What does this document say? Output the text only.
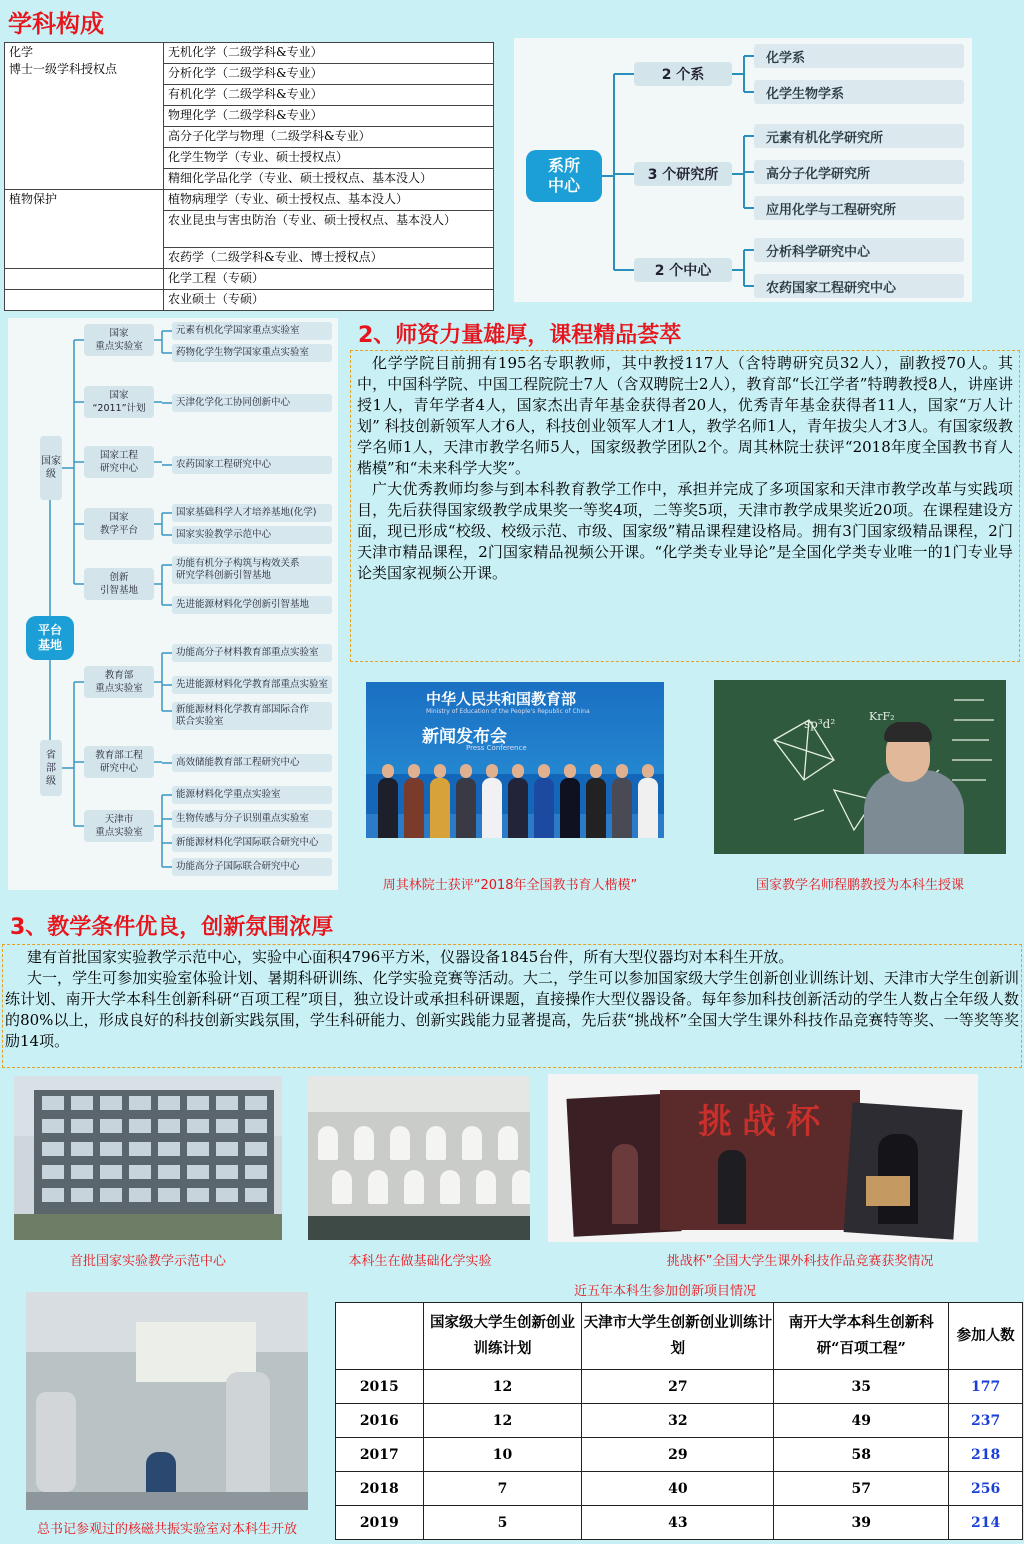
学科构成
化学
博士一级学科授权点	无机化学（二级学科&专业）
	分析化学（二级学科&专业）
	有机化学（二级学科&专业）
	物理化学（二级学科&专业）
	高分子化学与物理（二级学科&专业）
	化学生物学（专业、硕士授权点）
	精细化学品化学（专业、硕士授权点、基本没人）
植物保护	植物病理学（专业、硕士授权点、基本没人）
	农业昆虫与害虫防治（专业、硕士授权点、基本没人）
	农药学（二级学科&专业、博士授权点）
	化学工程（专硕）
	农业硕士（专硕）
系所
中心
2 个系
化学系
化学生物学系
3 个研究所
元素有机化学研究所
高分子化学研究所
应用化学与工程研究所
2 个中心
分析科学研究中心
农药国家工程研究中心
平台
基地
国家
级
国家
重点实验室
元素有机化学国家重点实验室
药物化学生物学国家重点实验室
国家
“2011”计划
天津化学化工协同创新中心
国家工程
研究中心	农药国家工程研究中心
国家
教学平台
国家基础科学人才培养基地(化学)
国家实验教学示范中心
创新
引智基地
功能有机分子构筑与构效关系
研究学科创新引智基地
先进能源材料化学创新引智基地
省
部
级
教育部
重点实验室
功能高分子材料教育部重点实验室
先进能源材料化学教育部重点实验室
新能源材料化学教育部国际合作
联合实验室
教育部工程
研究中心
高效储能教育部工程研究中心
天津市
重点实验室
能源材料化学重点实验室
生物传感与分子识别重点实验室
新能源材料化学国际联合研究中心
功能高分子国际联合研究中心
2、师资力量雄厚，课程精品荟萃
化学学院目前拥有195名专职教师，其中教授117人（含特聘研究员32人），副教授70人。其中，中国科学院、中国工程院院士7人（含双聘院士2人），教育部“长江学者”特聘教授8人，讲座讲授1人，青年学者4人，国家杰出青年基金获得者20人，优秀青年基金获得者11人，国家“万人计划” 科技创新领军人才6人，科技创业领军人才1人，教学名师1人，青年拔尖人才3人。有国家级教学名师1人，天津市教学名师5人，国家级教学团队2个。周其林院士获评“2018年度全国教书育人楷模”和“未来科学大奖”。
广大优秀教师均参与到本科教育教学工作中，承担并完成了多项国家和天津市教学改革与实践项目，先后获得国家级教学成果奖一等奖4项，二等奖5项，天津市教学成果奖近20项。在课程建设方面，现已形成“校级、校级示范、市级、国家级”精品课程建设格局。拥有3门国家级精品课程，2门天津市精品课程，2门国家精品视频公开课。“化学类专业导论”是全国化学类专业唯一的1门专业导论类国家视频公开课。
中华人民共和国教育部
Ministry of Education of the People's Republic of China
新闻发布会
Press Conference
周其林院士获评“2018年全国教书育人楷模”
sp³d²
KrF₂
国家教学名师程鹏教授为本科生授课
3、教学条件优良，创新氛围浓厚
建有首批国家实验教学示范中心，实验中心面积4796平方米，仪器设备1845台件，所有大型仪器均对本科生开放。
大一，学生可参加实验室体验计划、暑期科研训练、化学实验竞赛等活动。大二，学生可以参加国家级大学生创新创业训练计划、天津市大学生创新训练计划、南开大学本科生创新科研“百项工程”项目，独立设计或承担科研课题，直接操作大型仪器设备。每年参加科技创新活动的学生人数占全年级人数的80%以上，形成良好的科技创新实践氛围，学生科研能力、创新实践能力显著提高，先后获“挑战杯”全国大学生课外科技作品竞赛特等奖、一等奖等奖励14项。
首批国家实验教学示范中心	本科生在做基础化学实验
挑战杯
挑战杯”全国大学生课外科技作品竞赛获奖情况
总书记参观过的核磁共振实验室对本科生开放
近五年本科生参加创新项目情况
	国家级大学生创新创业训练计划	天津市大学生创新创业训练计划	南开大学本科生创新科研“百项工程”	参加人数
2015	12	27	35	177
2016	12	32	49	237
2017	10	29	58	218
2018	7	40	57	256
2019	5	43	39	214
